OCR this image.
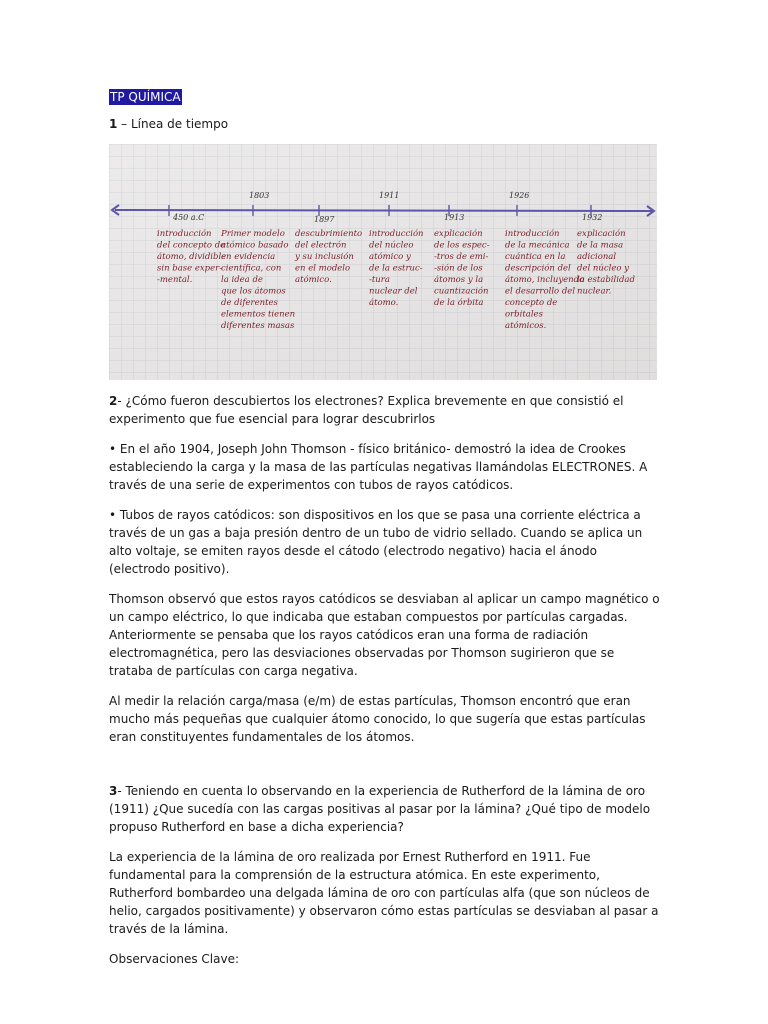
TP QUÍMICA

1 – Línea de tiempo

450 a.C
1803
1897
1911
1913
1926
1932
introducción del concepto de átomo, dividible sin base exper--mental.
Primer modelo atómico basado en evidencia científica, con la idea de que los átomos de diferentes elementos tienen diferentes masas
descubrimiento del electrón y su inclusión en el modelo atómico.
introducción del núcleo atómico y de la estruc--tura nuclear del átomo.
explicación de los espec--tros de emi--sión de los átomos y la cuantización de la órbita
introducción de la mecánica cuántica en la descripción del átomo, incluyendo el desarrollo del concepto de orbitales atómicos.
explicación de la masa adicional del núcleo y la estabilidad nuclear.

2- ¿Cómo fueron descubiertos los electrones? Explica brevemente en que consistió el experimento que fue esencial para lograr descubrirlos

• En el año 1904, Joseph John Thomson - físico británico- demostró la idea de Crookes estableciendo la carga y la masa de las partículas negativas llamándolas ELECTRONES. A través de una serie de experimentos con tubos de rayos catódicos.

• Tubos de rayos catódicos: son dispositivos en los que se pasa una corriente eléctrica a través de un gas a baja presión dentro de un tubo de vidrio sellado. Cuando se aplica un alto voltaje, se emiten rayos desde el cátodo (electrodo negativo) hacia el ánodo (electrodo positivo).

Thomson observó que estos rayos catódicos se desviaban al aplicar un campo magnético o un campo eléctrico, lo que indicaba que estaban compuestos por partículas cargadas. Anteriormente se pensaba que los rayos catódicos eran una forma de radiación electromagnética, pero las desviaciones observadas por Thomson sugirieron que se trataba de partículas con carga negativa.

Al medir la relación carga/masa (e/m) de estas partículas, Thomson encontró que eran mucho más pequeñas que cualquier átomo conocido, lo que sugería que estas partículas eran constituyentes fundamentales de los átomos.

3- Teniendo en cuenta lo observando en la experiencia de Rutherford de la lámina de oro (1911) ¿Que sucedía con las cargas positivas al pasar por la lámina? ¿Qué tipo de modelo propuso Rutherford en base a dicha experiencia?

La experiencia de la lámina de oro realizada por Ernest Rutherford en 1911. Fue fundamental para la comprensión de la estructura atómica. En este experimento, Rutherford bombardeo una delgada lámina de oro con partículas alfa (que son núcleos de helio, cargados positivamente) y observaron cómo estas partículas se desviaban al pasar a través de la lámina.

Observaciones Clave:
